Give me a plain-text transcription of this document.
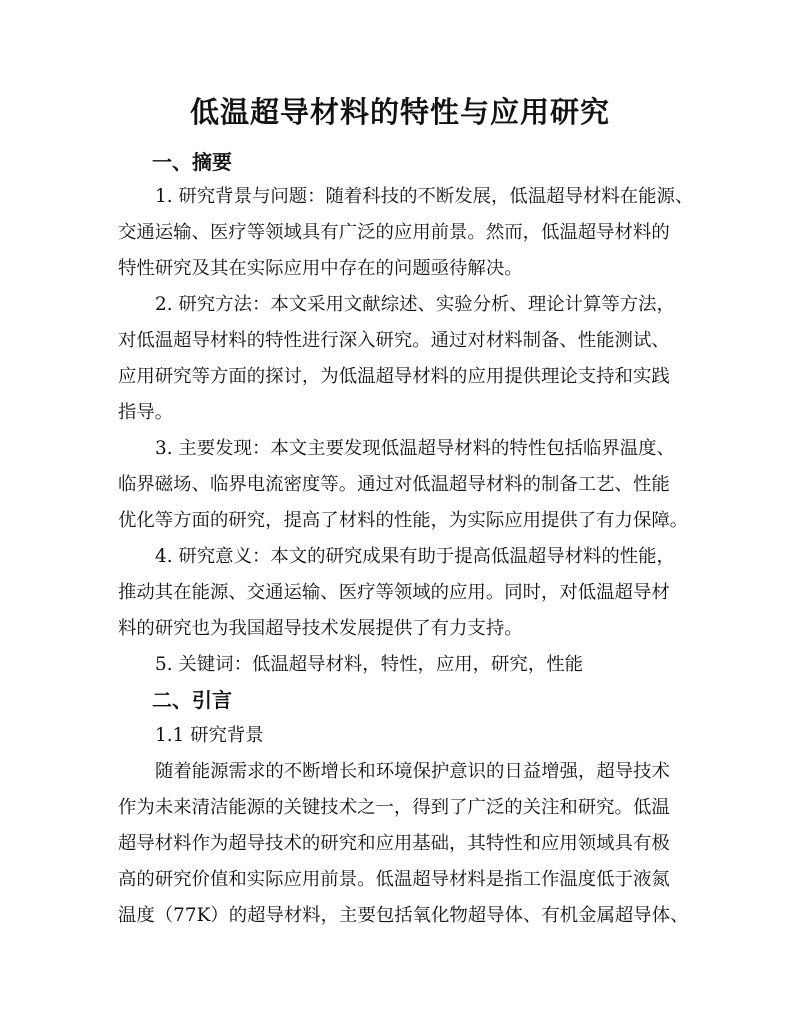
低温超导材料的特性与应用研究
一、摘要
1. 研究背景与问题：随着科技的不断发展，低温超导材料在能源、
交通运输、医疗等领域具有广泛的应用前景。然而，低温超导材料的
特性研究及其在实际应用中存在的问题亟待解决。
2. 研究方法：本文采用文献综述、实验分析、理论计算等方法，
对低温超导材料的特性进行深入研究。通过对材料制备、性能测试、
应用研究等方面的探讨，为低温超导材料的应用提供理论支持和实践
指导。
3. 主要发现：本文主要发现低温超导材料的特性包括临界温度、
临界磁场、临界电流密度等。通过对低温超导材料的制备工艺、性能
优化等方面的研究，提高了材料的性能，为实际应用提供了有力保障。
4. 研究意义：本文的研究成果有助于提高低温超导材料的性能，
推动其在能源、交通运输、医疗等领域的应用。同时，对低温超导材
料的研究也为我国超导技术发展提供了有力支持。
5. 关键词：低温超导材料，特性，应用，研究，性能
二、引言
1.1 研究背景
随着能源需求的不断增长和环境保护意识的日益增强，超导技术
作为未来清洁能源的关键技术之一，得到了广泛的关注和研究。低温
超导材料作为超导技术的研究和应用基础，其特性和应用领域具有极
高的研究价值和实际应用前景。低温超导材料是指工作温度低于液氮
温度（77K）的超导材料，主要包括氧化物超导体、有机金属超导体、
